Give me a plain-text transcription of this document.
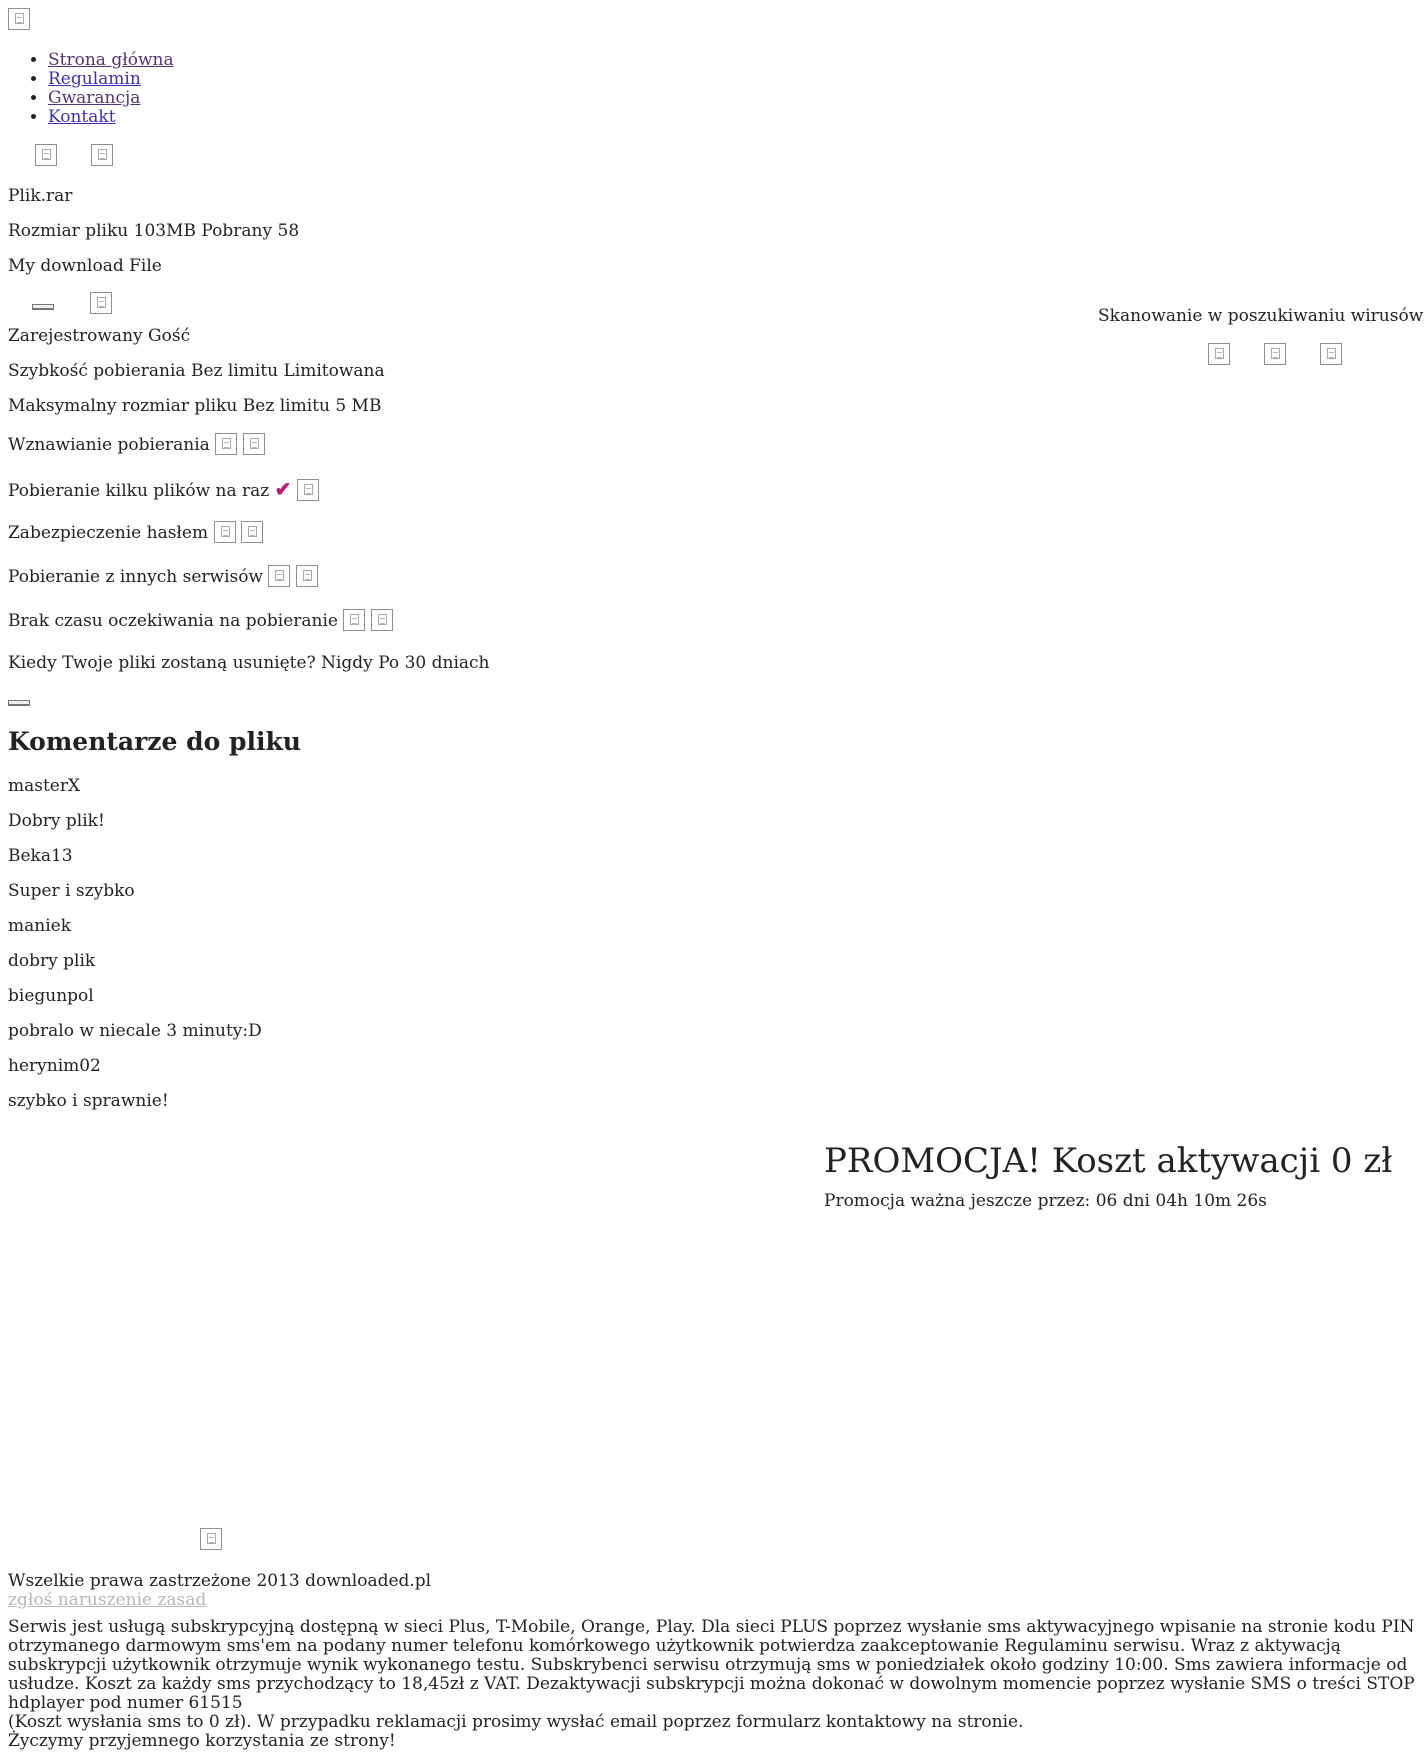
• Strona główna
• Regulamin
• Gwarancja
• Kontakt

Plik.rar

Rozmiar pliku 103MB Pobrany 58

My download File

Skanowanie w poszukiwaniu wirusów

Zarejestrowany Gość

Szybkość pobierania Bez limitu Limitowana

Maksymalny rozmiar pliku Bez limitu 5 MB

Wznawianie pobierania

Pobieranie kilku plików na raz ✔

Zabezpieczenie hasłem

Pobieranie z innych serwisów

Brak czasu oczekiwania na pobieranie

Kiedy Twoje pliki zostaną usunięte? Nigdy Po 30 dniach

Komentarze do pliku

masterX

Dobry plik!

Beka13

Super i szybko

maniek

dobry plik

biegunpol

pobralo w niecale 3 minuty:D

herynim02

szybko i sprawnie!

PROMOCJA! Koszt aktywacji 0 zł
Promocja ważna jeszcze przez: 06 dni 04h 10m 26s
Wszelkie prawa zastrzeżone 2013 downloaded.pl
zgłoś naruszenie zasad
Serwis jest usługą subskrypcyjną dostępną w sieci Plus, T-Mobile, Orange, Play. Dla sieci PLUS poprzez wysłanie sms aktywacyjnego wpisanie na stronie kodu PIN otrzymanego darmowym sms'em na podany numer telefonu komórkowego użytkownik potwierdza zaakceptowanie Regulaminu serwisu. Wraz z aktywacją subskrypcji użytkownik otrzymuje wynik wykonanego testu. Subskrybenci serwisu otrzymują sms w poniedziałek około godziny 10:00. Sms zawiera informacje od usłudze. Koszt za każdy sms przychodzący to 18,45zł z VAT. Dezaktywacji subskrypcji można dokonać w dowolnym momencie poprzez wysłanie SMS o treści STOP hdplayer pod numer 61515
(Koszt wysłania sms to 0 zł). W przypadku reklamacji prosimy wysłać email poprzez formularz kontaktowy na stronie.
Życzymy przyjemnego korzystania ze strony!
